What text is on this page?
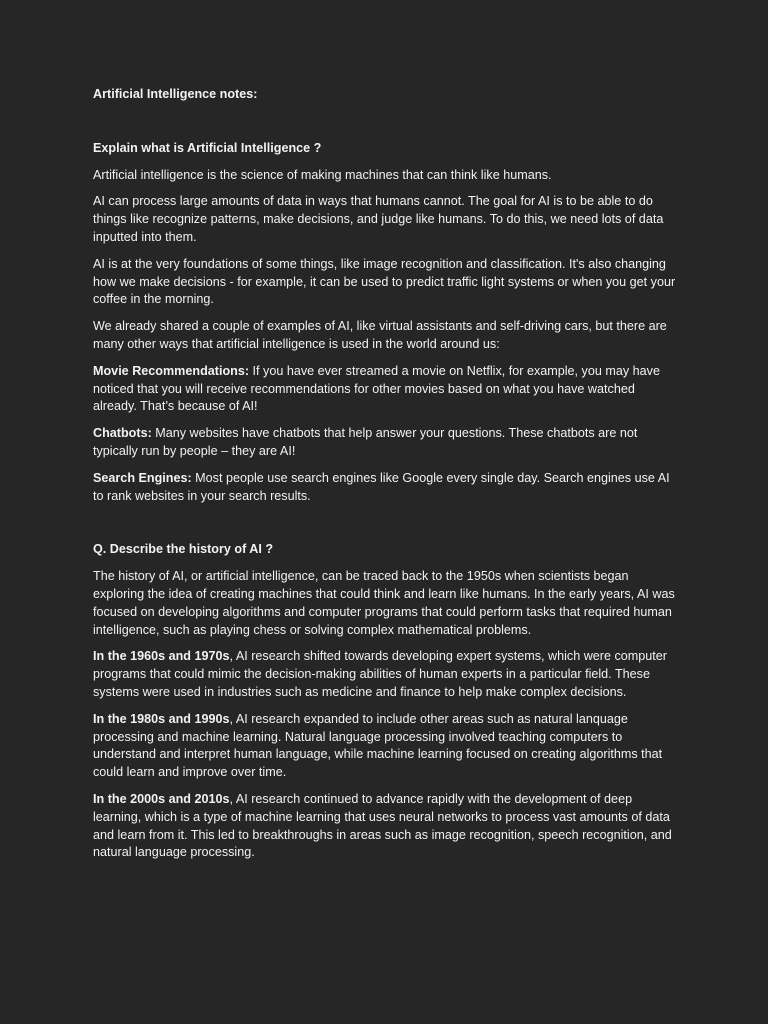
Artificial Intelligence notes:
Explain what is Artificial Intelligence ?

Artificial intelligence is the science of making machines that can think like humans.

AI can process large amounts of data in ways that humans cannot. The goal for AI is to be able to do things like recognize patterns, make decisions, and judge like humans. To do this, we need lots of data inputted into them.

AI is at the very foundations of some things, like image recognition and classification. It's also changing how we make decisions - for example, it can be used to predict traffic light systems or when you get your coffee in the morning.

We already shared a couple of examples of AI, like virtual assistants and self-driving cars, but there are many other ways that artificial intelligence is used in the world around us:

Movie Recommendations: If you have ever streamed a movie on Netflix, for example, you may have noticed that you will receive recommendations for other movies based on what you have watched already. That’s because of AI!

Chatbots: Many websites have chatbots that help answer your questions. These chatbots are not typically run by people – they are AI!

Search Engines: Most people use search engines like Google every single day. Search engines use AI to rank websites in your search results.

Q. Describe the history of AI ?

The history of AI, or artificial intelligence, can be traced back to the 1950s when scientists began exploring the idea of creating machines that could think and learn like humans. In the early years, AI was focused on developing algorithms and computer programs that could perform tasks that required human intelligence, such as playing chess or solving complex mathematical problems.

In the 1960s and 1970s, AI research shifted towards developing expert systems, which were computer programs that could mimic the decision-making abilities of human experts in a particular field. These systems were used in industries such as medicine and finance to help make complex decisions.

In the 1980s and 1990s, AI research expanded to include other areas such as natural lanquage processing and machine learning. Natural language processing involved teaching computers to understand and interpret human language, while machine learning focused on creating algorithms that could learn and improve over time.

In the 2000s and 2010s, AI research continued to advance rapidly with the development of deep learning, which is a type of machine learning that uses neural networks to process vast amounts of data and learn from it. This led to breakthroughs in areas such as image recognition, speech recognition, and natural language processing.
